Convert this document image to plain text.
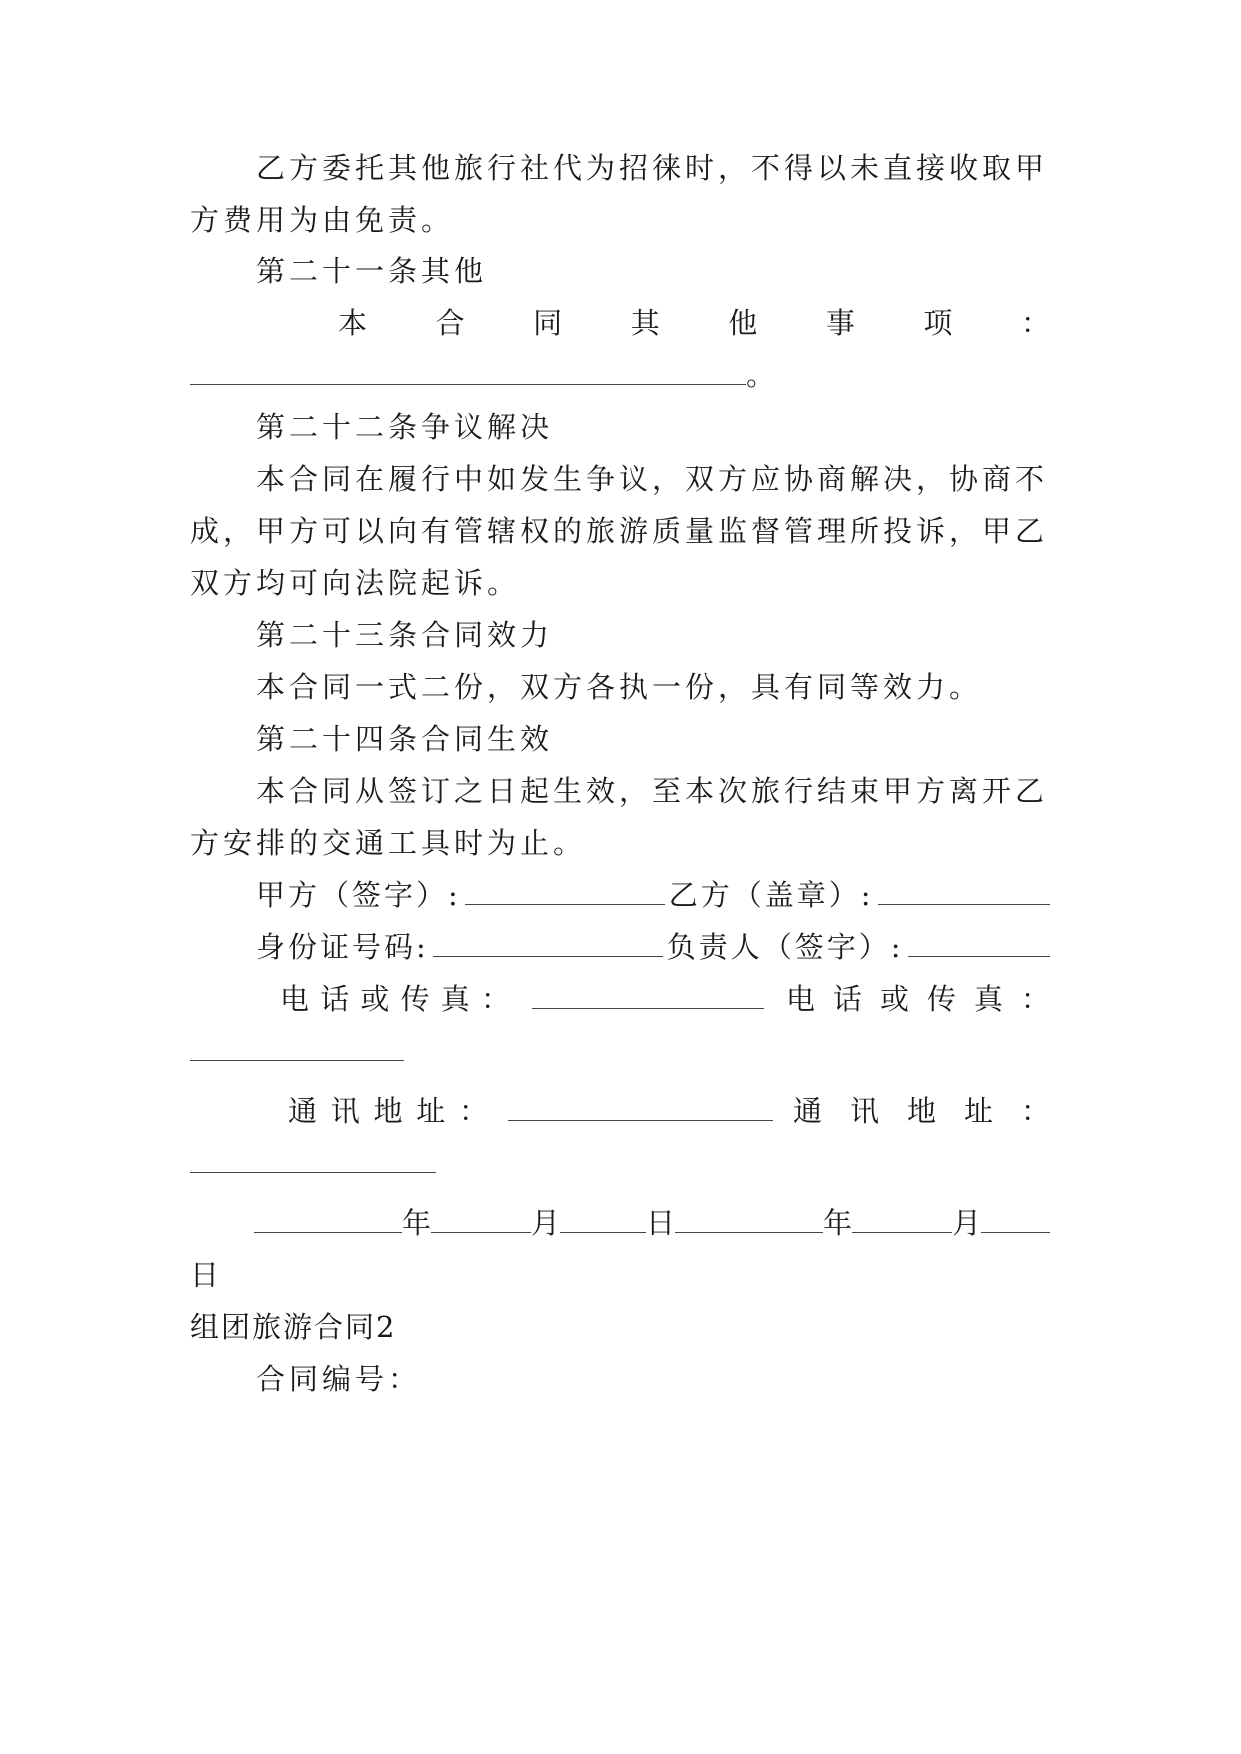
乙方委托其他旅行社代为招徕时，不得以未直接收取甲
方费用为由免责。
第二十一条其他
本 合 同 其 他 事 项 ：
。
第二十二条争议解决
本合同在履行中如发生争议，双方应协商解决，协商不
成，甲方可以向有管辖权的旅游质量监督管理所投诉，甲乙
双方均可向法院起诉。
第二十三条合同效力
本合同一式二份，双方各执一份，具有同等效力。
第二十四条合同生效
本合同从签订之日起生效，至本次旅行结束甲方离开乙
方安排的交通工具时为止。
甲方（签字）:	乙方（盖章）:
身份证号码:	负责人（签字）:
电 话 或 传 真 ：	电 话 或 传 真 ：
通 讯 地 址 ：	通 讯 地 址 ：
年	月	日	年	月
日
组团旅游合同2
合同编号：
